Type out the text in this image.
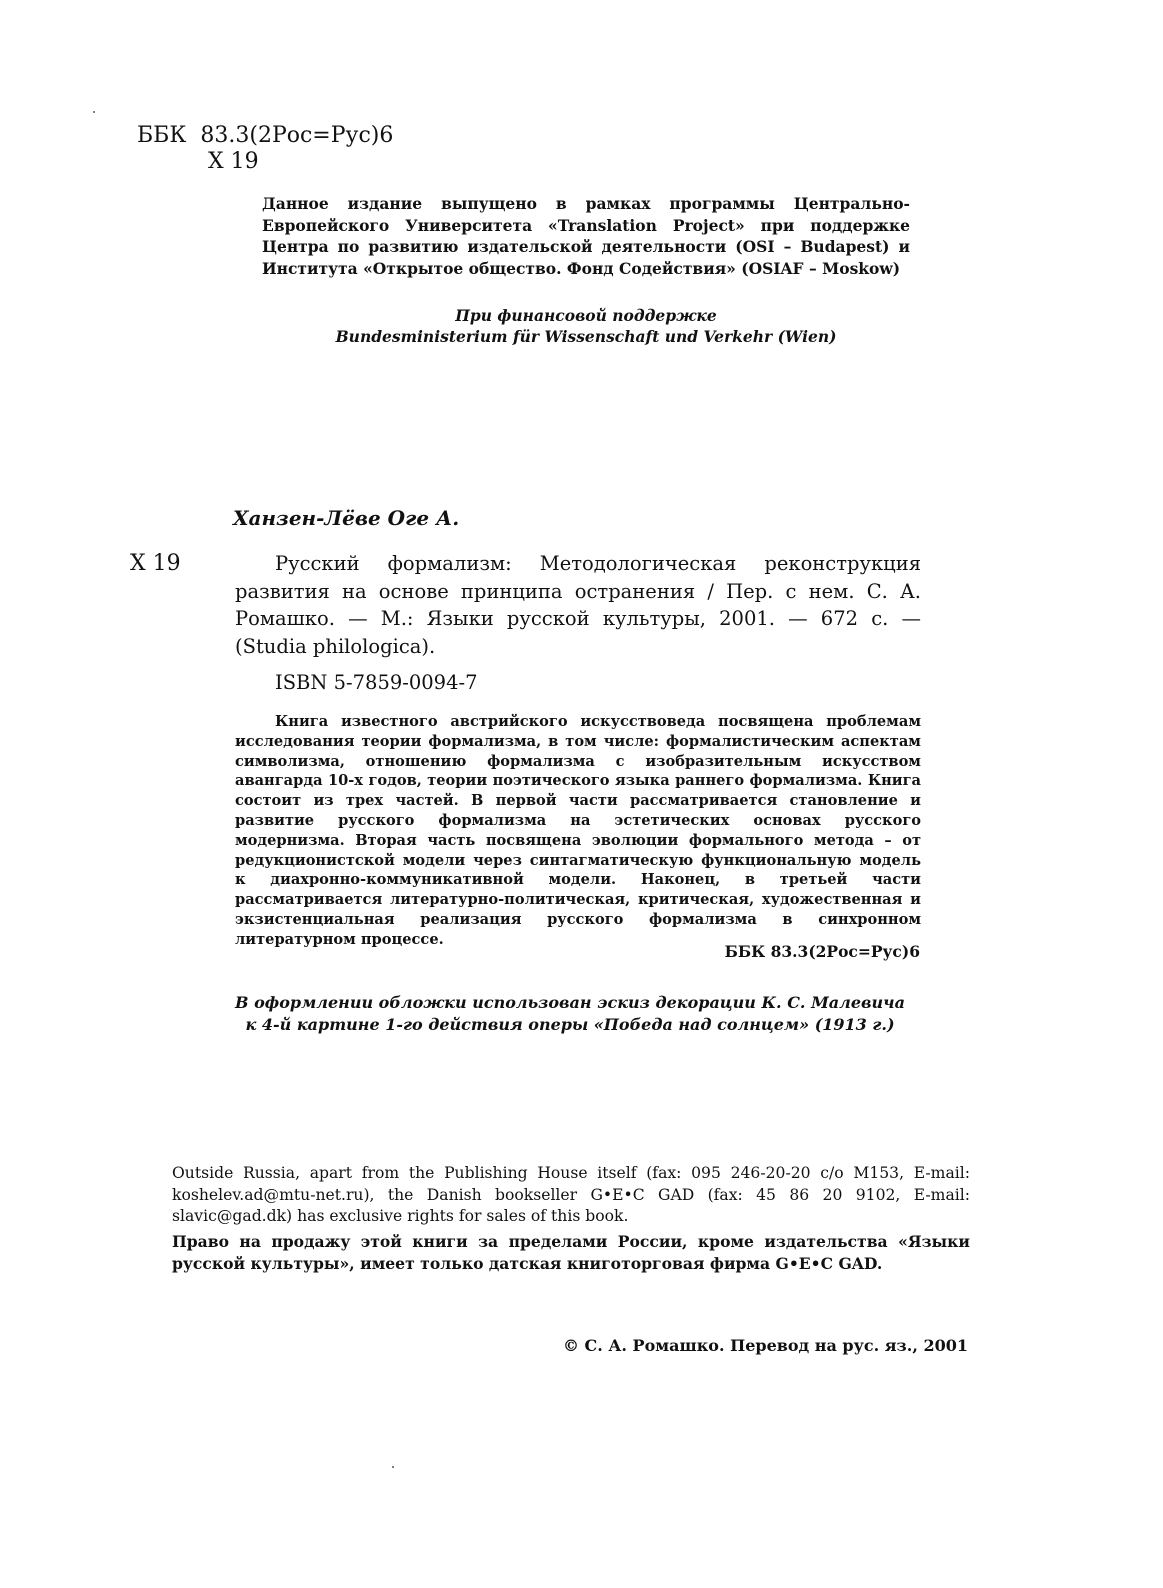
ББК 83.3(2Рос=Рус)6
Х 19

Данное издание выпущено в рамках программы Центрально-Европейского Университета «Translation Project» при поддержке Центра по развитию издательской деятельности (OSI – Budapest) и Института «Открытое общество. Фонд Содействия» (OSIAF – Moskow)

При финансовой поддержке

Bundesministerium für Wissenschaft und Verkehr (Wien)

Ханзен-Лёве Оге А.
Х 19	Русский формализм: Методологическая реконструкция развития на основе принципа остранения / Пер. с нем. С. А. Ромашко. — М.: Языки русской культуры, 2001. — 672 с. — (Studia philologica).

ISBN 5-7859-0094-7

Книга известного австрийского искусствоведа посвящена проблемам исследования теории формализма, в том числе: формалистическим аспектам символизма, отношению формализма с изобразительным искусством авангарда 10-х годов, теории поэтического языка раннего формализма. Книга состоит из трех частей. В первой части рассматривается становление и развитие русского формализма на эстетических основах русского модернизма. Вторая часть посвящена эволюции формального метода – от редукционистской модели через синтагматическую функциональную модель к диахронно-коммуникативной модели. Наконец, в третьей части рассматривается литературно-политическая, критическая, художественная и экзистенциальная реализация русского формализма в синхронном литературном процессе.

ББК 83.3(2Рос=Рус)6

В оформлении обложки использован эскиз декорации К. С. Малевича

к 4-й картине 1-го действия оперы «Победа над солнцем» (1913 г.)

Outside Russia, apart from the Publishing House itself (fax: 095 246-20-20 c/o M153, E-mail: koshelev.ad@mtu-net.ru), the Danish bookseller G•E•C GAD (fax: 45 86 20 9102, E-mail: slavic@gad.dk) has exclusive rights for sales of this book.

Право на продажу этой книги за пределами России, кроме издательства «Языки русской культуры», имеет только датская книготорговая фирма G•E•C GAD.

© С. А. Ромашко. Перевод на рус. яз., 2001
